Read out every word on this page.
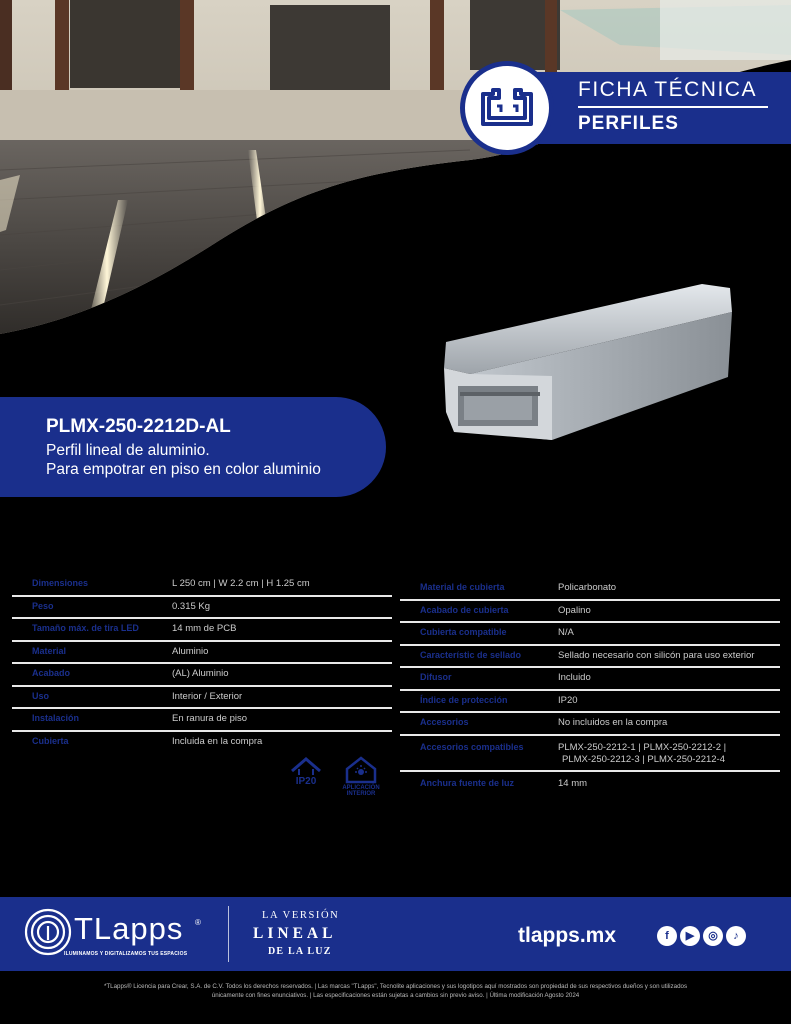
FICHA TÉCNICA
PERFILES
PLMX-250-2212D-AL
Perfil lineal de aluminio.
Para empotrar en piso en color aluminio
Dimensiones	L 250 cm | W 2.2 cm | H 1.25 cm
Peso	0.315 Kg
Tamaño máx. de tira LED	14 mm de PCB
Material	Aluminio
Acabado	(AL) Aluminio
Uso	Interior / Exterior
Instalación	En ranura de piso
Cubierta	Incluida en la compra
Material de cubierta	Policarbonato
Acabado de cubierta	Opalino
Cubierta compatible	N/A
Característic de sellado	Sellado necesario con silicón para uso exterior
Difusor	Incluido
Índice de protección	IP20
Accesorios	No incluidos en la compra
Accesorios compatibles	PLMX-250-2212-1 | PLMX-250-2212-2 |
PLMX-250-2212-3 | PLMX-250-2212-4
Anchura fuente de luz	14 mm
IP20
APLICACIÓN
INTERIOR
TLapps ®
ILUMINAMOS Y DIGITALIZAMOS TUS ESPACIOS
LA VERSIÓN
LINEAL
DE LA LUZ
tlapps.mx	f	▶	◎	♪
*TLapps® Licencia para Crear, S.A. de C.V. Todos los derechos reservados. | Las marcas "TLapps", Tecnolite aplicaciones y sus logotipos aquí mostrados son propiedad de sus respectivos dueños y son utilizados
únicamente con fines enunciativos. | Las especificaciones están sujetas a cambios sin previo aviso. | Última modificación Agosto 2024
